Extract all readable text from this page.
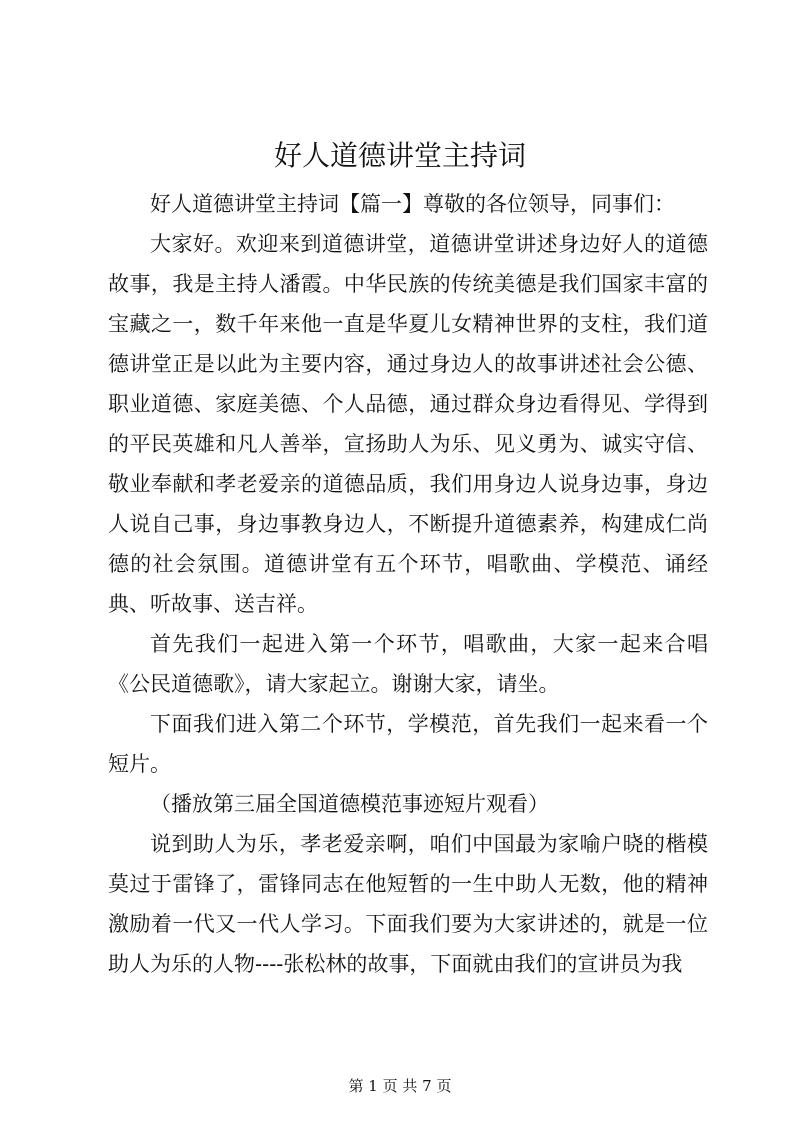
好人道德讲堂主持词

好人道德讲堂主持词【篇一】尊敬的各位领导，同事们：

大家好。欢迎来到道德讲堂，道德讲堂讲述身边好人的道德故事，我是主持人潘霞。中华民族的传统美德是我们国家丰富的宝藏之一，数千年来他一直是华夏儿女精神世界的支柱，我们道德讲堂正是以此为主要内容，通过身边人的故事讲述社会公德、职业道德、家庭美德、个人品德，通过群众身边看得见、学得到的平民英雄和凡人善举，宣扬助人为乐、见义勇为、诚实守信、敬业奉献和孝老爱亲的道德品质，我们用身边人说身边事，身边人说自己事，身边事教身边人，不断提升道德素养，构建成仁尚德的社会氛围。道德讲堂有五个环节，唱歌曲、学模范、诵经典、听故事、送吉祥。

首先我们一起进入第一个环节，唱歌曲，大家一起来合唱《公民道德歌》，请大家起立。谢谢大家，请坐。

下面我们进入第二个环节，学模范，首先我们一起来看一个短片。

（播放第三届全国道德模范事迹短片观看）

说到助人为乐，孝老爱亲啊，咱们中国最为家喻户晓的楷模莫过于雷锋了，雷锋同志在他短暂的一生中助人无数，他的精神激励着一代又一代人学习。下面我们要为大家讲述的，就是一位助人为乐的人物----张松林的故事，下面就由我们的宣讲员为我

第 1 页 共 7 页
